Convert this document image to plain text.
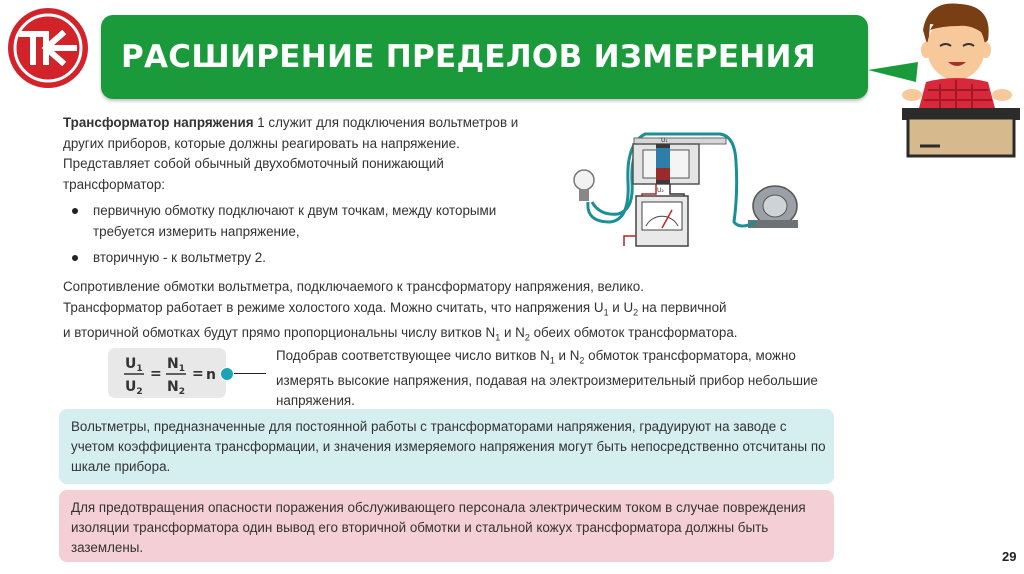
РАСШИРЕНИЕ ПРЕДЕЛОВ ИЗМЕРЕНИЯ
Трансформатор напряжения 1 служит для подключения вольтметров и других приборов, которые должны реагировать на напряжение. Представляет собой обычный двухобмоточный понижающий трансформатор:
первичную обмотку подключают к двум точкам, между которыми требуется измерить напряжение,
вторичную - к вольтметру 2.
U₁
U₂
Сопротивление обмотки вольтметра, подключаемого к трансформатору напряжения, велико.
Трансформатор работает в режиме холостого хода. Можно считать, что напряжения $U_1$ и $U_2$ на первичной
и вторичной обмотках будут прямо пропорциональны числу витков $N_1$ и $N_2$ обеих обмоток трансформатора.
$U_1$
$U_2$
=
$N_1$
$N_2$
= n
Подобрав соответствующее число витков $N_1$ и $N_2$ обмоток трансформатора, можно измерять высокие напряжения, подавая на электроизмерительный прибор небольшие напряжения.
Вольтметры, предназначенные для постоянной работы с трансформаторами напряжения, градуируют на заводе с учетом коэффициента трансформации, и значения измеряемого напряжения могут быть непосредственно отсчитаны по шкале прибора.
Для предотвращения опасности поражения обслуживающего персонала электрическим током в случае повреждения изоляции трансформатора один вывод его вторичной обмотки и стальной кожух трансформатора должны быть заземлены.
29
